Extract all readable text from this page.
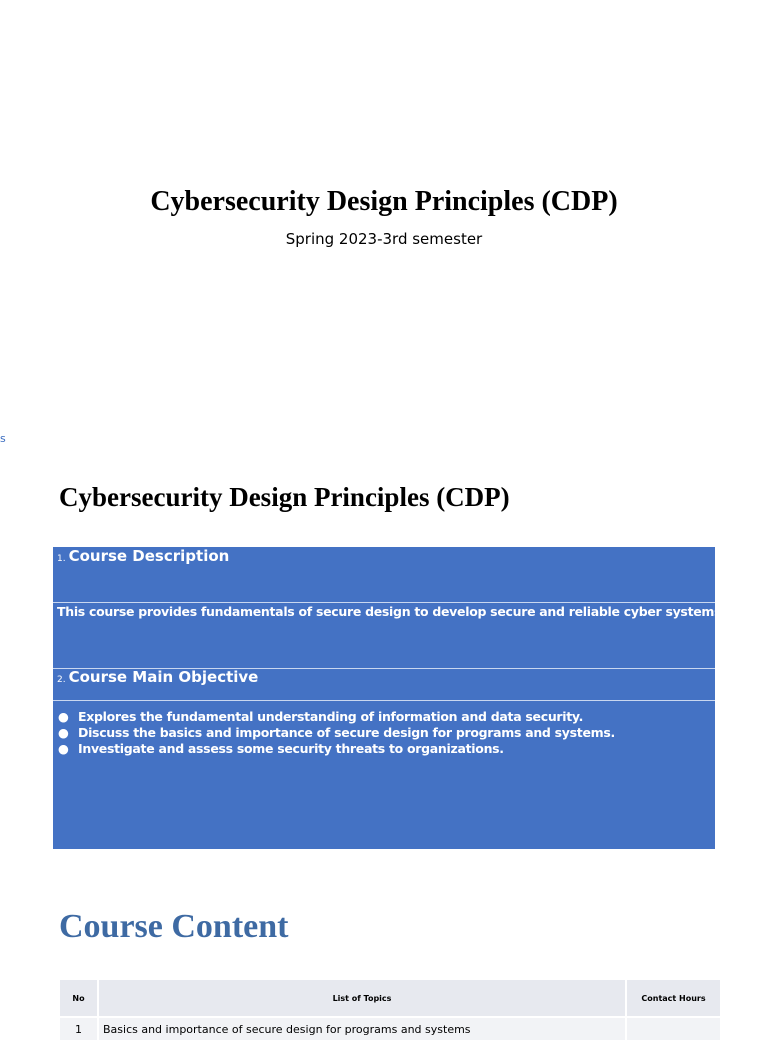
Cybersecurity Design Principles (CDP)
Spring 2023-3rd semester
s
Cybersecurity Design Principles (CDP)
1. Course Description
This course provides fundamentals of secure design to develop secure and reliable cyber systems.
2. Course Main Objective
● Explores the fundamental understanding of information and data security.
● Discuss the basics and importance of secure design for programs and systems.
● Investigate and assess some security threats to organizations.
Course Content
No	List of Topics	Contact Hours
1	Basics and importance of secure design for programs and systems	
